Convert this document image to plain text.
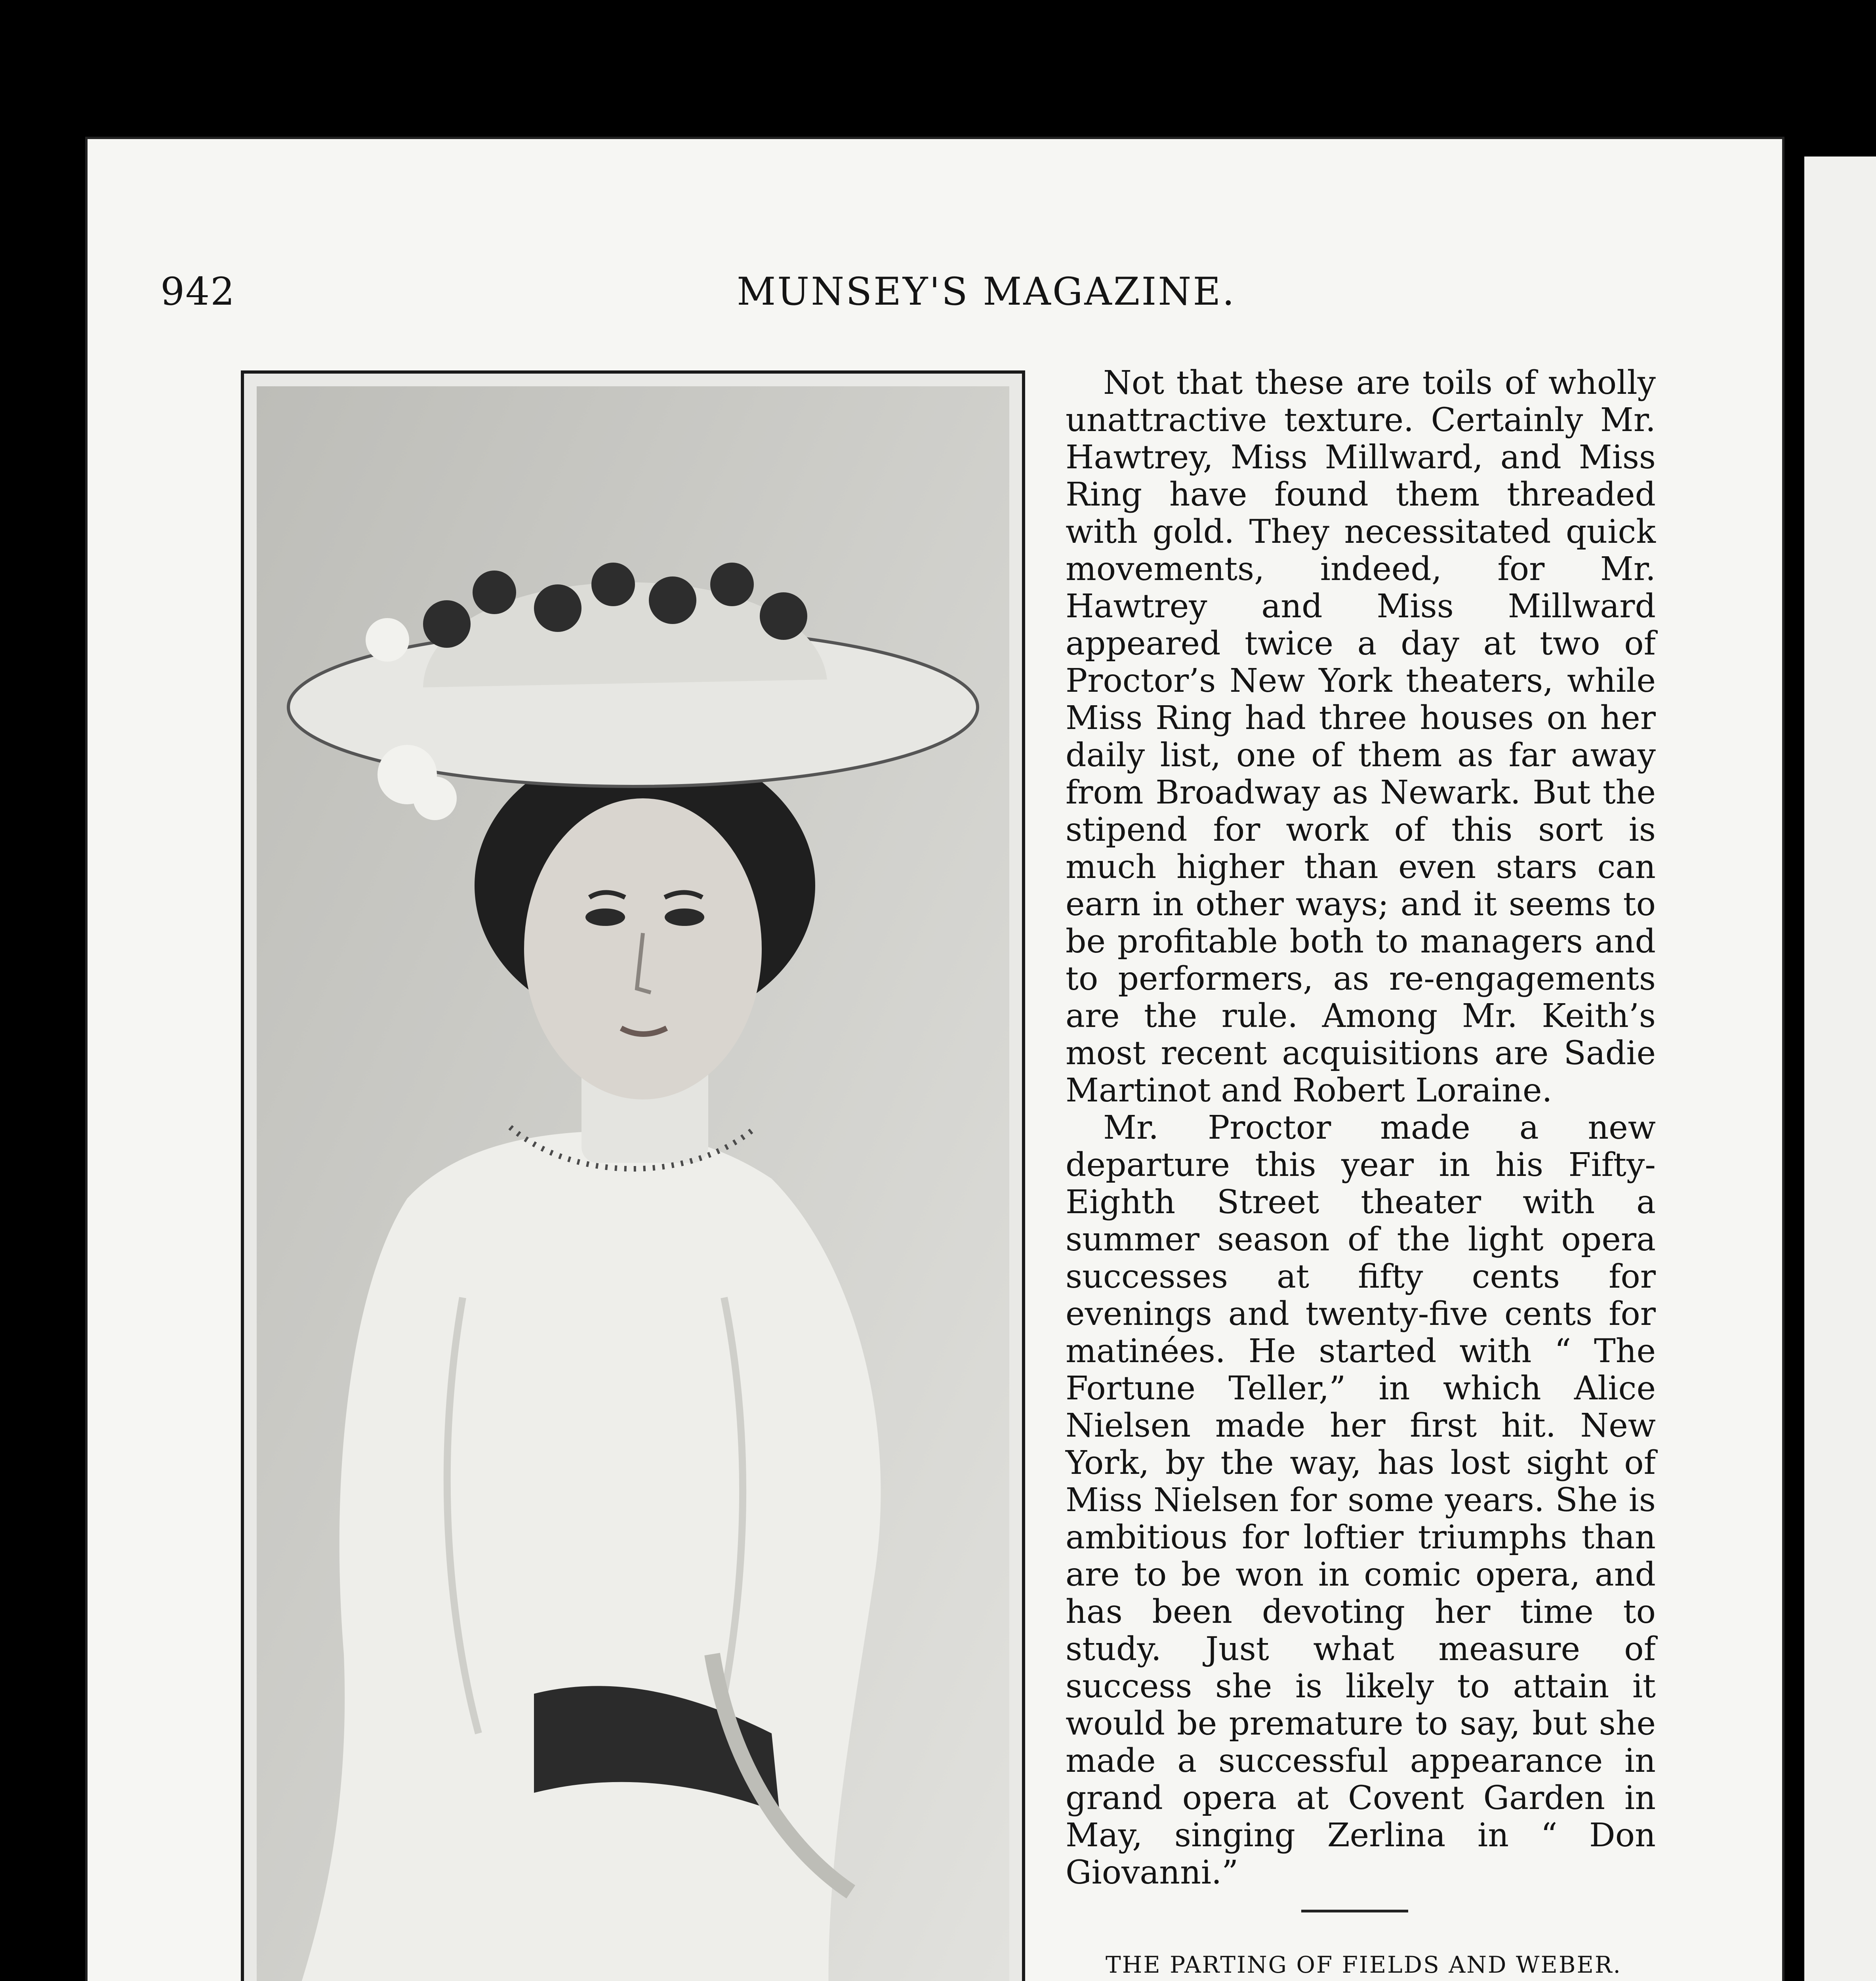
942	MUNSEY'S MAGAZINE.

Not that these are toils of wholly unattractive texture. Certainly Mr. Hawtrey, Miss Millward, and Miss Ring have found them threaded with gold. They necessitated quick movements, indeed, for Mr. Hawtrey and Miss Millward appeared twice a day at two of Proctor’s New York theaters, while Miss Ring had three houses on her daily list, one of them as far away from Broadway as Newark. But the stipend for work of this sort is much higher than even stars can earn in other ways; and it seems to be profitable both to managers and to performers, as re-engagements are the rule. Among Mr. Keith’s most recent acquisitions are Sadie Martinot and Robert Loraine.

Mr. Proctor made a new departure this year in his Fifty-Eighth Street theater with a summer season of the light opera successes at fifty cents for evenings and twenty-five cents for matinées. He started with “ The Fortune Teller,” in which Alice Nielsen made her first hit. New York, by the way, has lost sight of Miss Nielsen for some years. She is ambitious for loftier triumphs than are to be won in comic opera, and has been devoting her time to study. Just what measure of success she is likely to attain it would be premature to say, but she made a successful appearance in grand opera at Covent Garden in May, singing Zerlina in “ Don Giovanni.”

THE PARTING OF FIELDS AND WEBER.
